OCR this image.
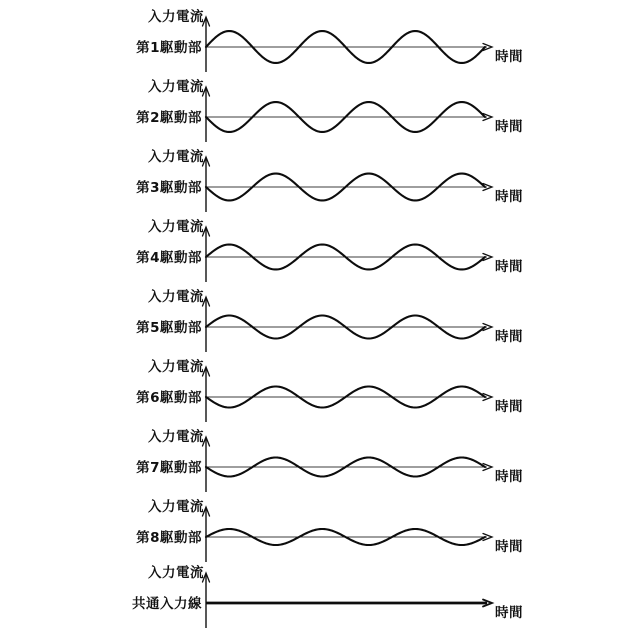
入力電流
第1駆動部
時間
入力電流
第2駆動部
時間
入力電流
第3駆動部
時間
入力電流
第4駆動部
時間
入力電流
第5駆動部
時間
入力電流
第6駆動部
時間
入力電流
第7駆動部
時間
入力電流
第8駆動部
時間
入力電流
共通入力線
時間
